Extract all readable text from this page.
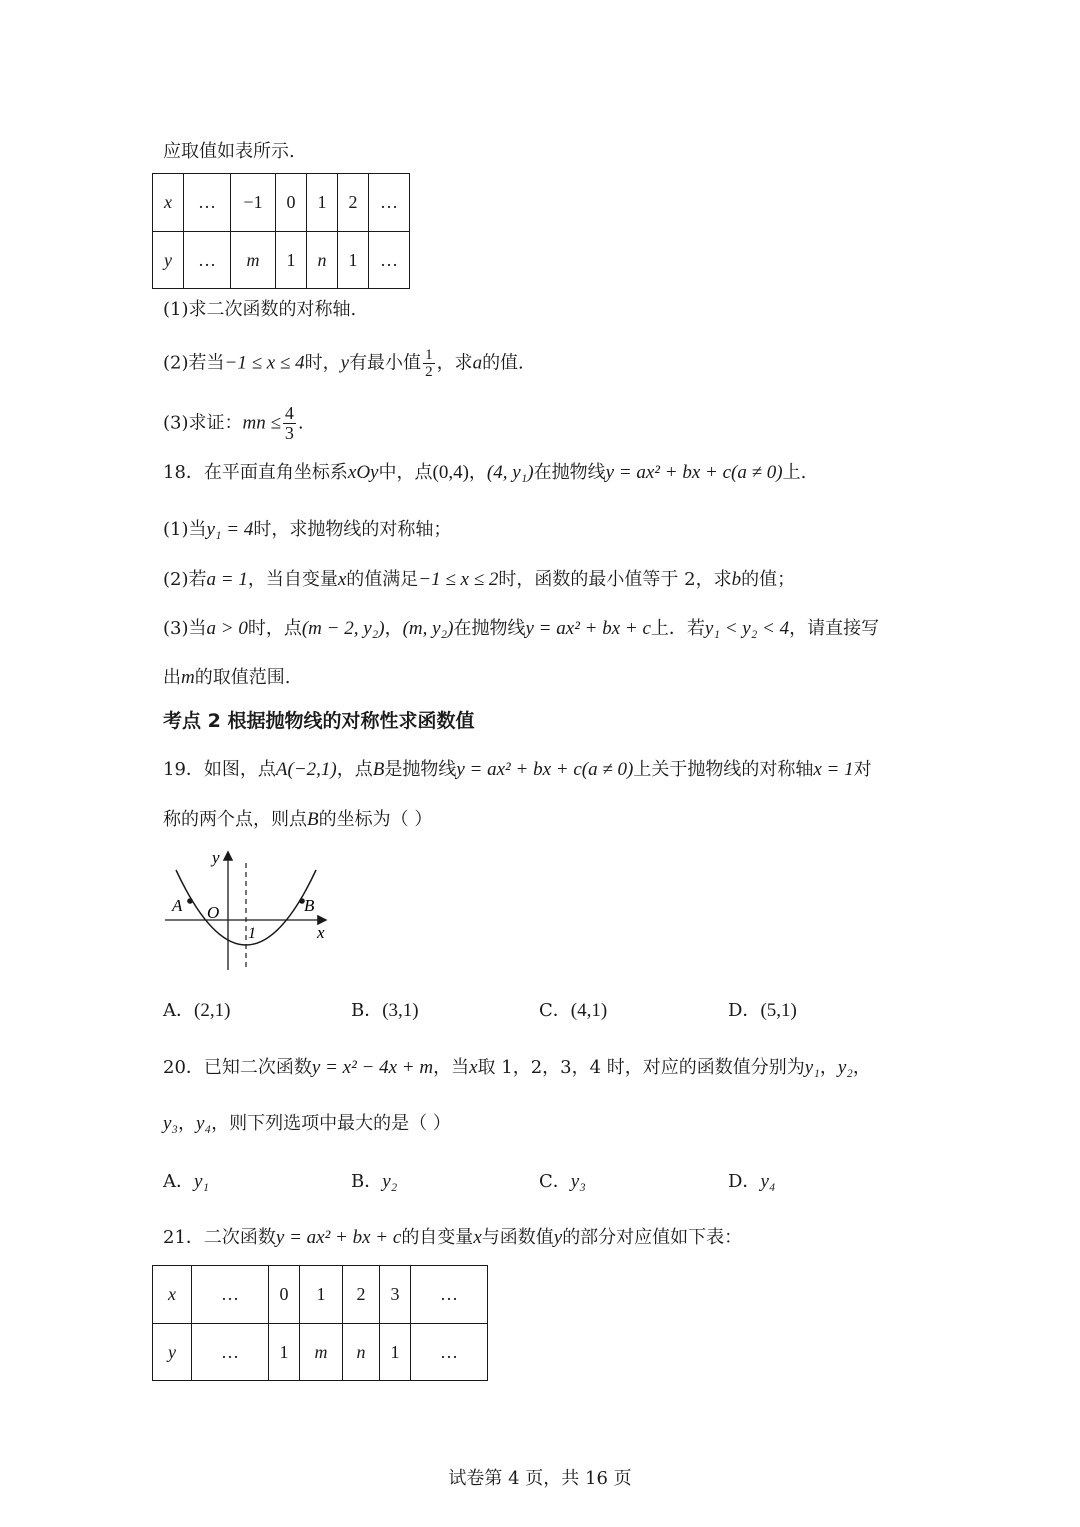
应取值如表所示.
x	…	−1	0	1	2	…
y	…	m	1	n	1	…
(1)求二次函数的对称轴.
(2)若当−1 ≤ x ≤ 4时，y有最小值 $\frac{1}{2}$ ，求a的值.
(3)求证：mn ≤ $\frac{4}{3}$ .
18．在平面直角坐标系xOy中，点(0,4)，(4, y₁)在抛物线y = ax² + bx + c(a ≠ 0)上.
(1)当y₁ = 4时，求抛物线的对称轴；
(2)若a = 1，当自变量x的值满足−1 ≤ x ≤ 2时，函数的最小值等于 2，求b的值；
(3)当a > 0时，点(m − 2, y₂)，(m, y₂)在抛物线y = ax² + bx + c上．若y₁ < y₂ < 4，请直接写
出m的取值范围.
考点 2 根据抛物线的对称性求函数值
19．如图，点A(−2,1)，点B是抛物线y = ax² + bx + c(a ≠ 0)上关于抛物线的对称轴x = 1对
称的两个点，则点B的坐标为（ ）
y
x
O
A	B
1
A．(2,1)	B．(3,1)	C．(4,1)	D．(5,1)
20．已知二次函数y = x² − 4x + m，当x取 1，2，3，4 时，对应的函数值分别为y₁，y₂，
y₃，y₄，则下列选项中最大的是（ ）
A．y₁	B．y₂	C．y₃	D．y₄
21．二次函数y = ax² + bx + c的自变量x与函数值y的部分对应值如下表：
x	…	0	1	2	3	…
y	…	1	m	n	1	…
试卷第 4 页，共 16 页
